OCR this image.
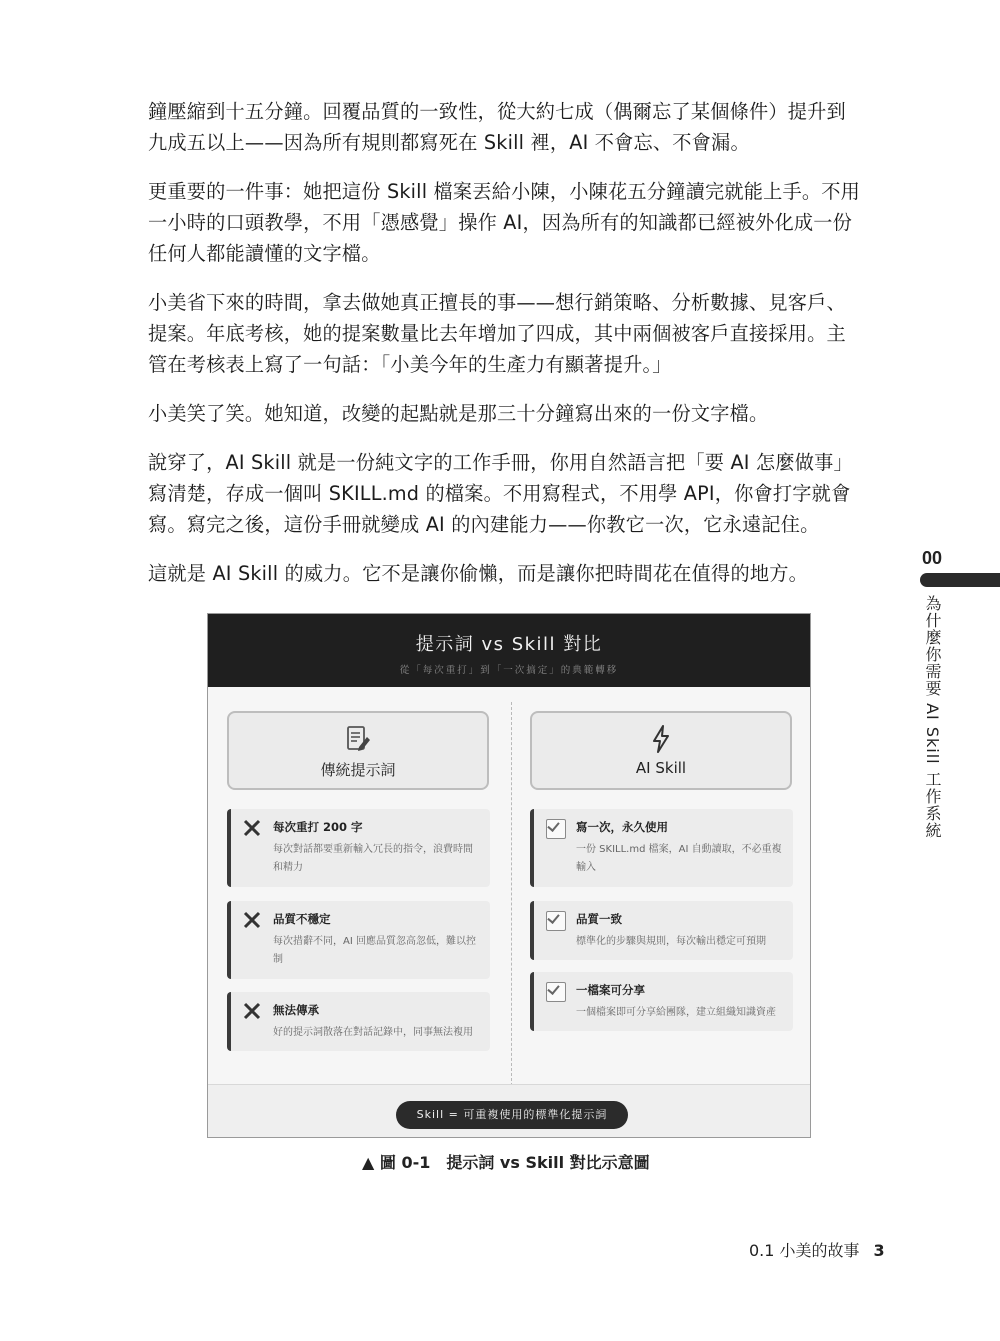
鐘壓縮到十五分鐘。回覆品質的一致性，從大約七成（偶爾忘了某個條件）提升到
九成五以上——因為所有規則都寫死在 Skill 裡，AI 不會忘、不會漏。

更重要的一件事：她把這份 Skill 檔案丟給小陳，小陳花五分鐘讀完就能上手。不用
一小時的口頭教學，不用「憑感覺」操作 AI，因為所有的知識都已經被外化成一份
任何人都能讀懂的文字檔。

小美省下來的時間，拿去做她真正擅長的事——想行銷策略、分析數據、見客戶、
提案。年底考核，她的提案數量比去年增加了四成，其中兩個被客戶直接採用。主
管在考核表上寫了一句話：「小美今年的生產力有顯著提升。」

小美笑了笑。她知道，改變的起點就是那三十分鐘寫出來的一份文字檔。

說穿了，AI Skill 就是一份純文字的工作手冊，你用自然語言把「要 AI 怎麼做事」
寫清楚，存成一個叫 SKILL.md 的檔案。不用寫程式，不用學 API，你會打字就會
寫。寫完之後，這份手冊就變成 AI 的內建能力——你教它一次，它永遠記住。

這就是 AI Skill 的威力。它不是讓你偷懶，而是讓你把時間花在值得的地方。

00
為什麼你需要 AI Skill 工作系統
提示詞 vs Skill 對比
從「每次重打」到「一次搞定」的典範轉移
傳統提示詞	AI Skill
每次重打 200 字
每次對話都要重新輸入冗長的指令，浪費時間和精力
品質不穩定
每次措辭不同，AI 回應品質忽高忽低，難以控制
無法傳承
好的提示詞散落在對話記錄中，同事無法複用
寫一次，永久使用
一份 SKILL.md 檔案，AI 自動讀取，不必重複輸入
品質一致
標準化的步驟與規則，每次輸出穩定可預期
一檔案可分享
一個檔案即可分享給團隊，建立組織知識資產
Skill = 可重複使用的標準化提示詞
▲ 圖 0-1 提示詞 vs Skill 對比示意圖
0.1 小美的故事 3
